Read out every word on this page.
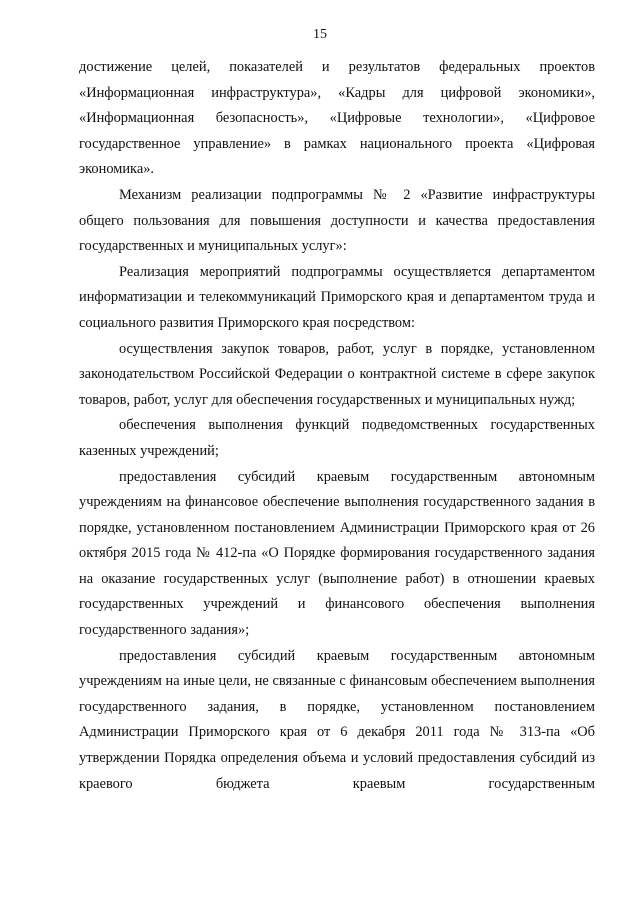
15

достижение целей, показателей и результатов федеральных проектов «Информационная инфраструктура», «Кадры для цифровой экономики», «Информационная безопасность», «Цифровые технологии», «Цифровое государственное управление» в рамках национального проекта «Цифровая экономика».

Механизм реализации подпрограммы № 2 «Развитие инфраструктуры общего пользования для повышения доступности и качества предоставления государственных и муниципальных услуг»:

Реализация мероприятий подпрограммы осуществляется департаментом информатизации и телекоммуникаций Приморского края и департаментом труда и социального развития Приморского края посредством:

осуществления закупок товаров, работ, услуг в порядке, установленном законодательством Российской Федерации о контрактной системе в сфере закупок товаров, работ, услуг для обеспечения государственных и муниципальных нужд;

обеспечения выполнения функций подведомственных государственных казенных учреждений;

предоставления субсидий краевым государственным автономным учреждениям на финансовое обеспечение выполнения государственного задания в порядке, установленном постановлением Администрации Приморского края от 26 октября 2015 года № 412-па «О Порядке формирования государственного задания на оказание государственных услуг (выполнение работ) в отношении краевых государственных учреждений и финансового обеспечения выполнения государственного задания»;

предоставления субсидий краевым государственным автономным учреждениям на иные цели, не связанные с финансовым обеспечением выполнения государственного задания, в порядке, установленном постановлением Администрации Приморского края от 6 декабря 2011 года № 313-па «Об утверждении Порядка определения объема и условий предоставления субсидий из краевого бюджета краевым государственным
